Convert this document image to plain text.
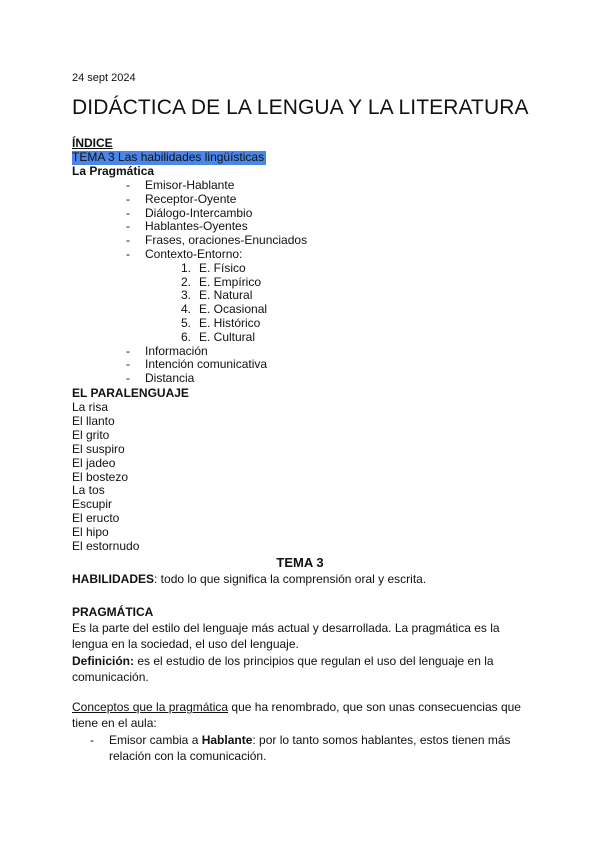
24 sept 2024
DIDÁCTICA DE LA LENGUA Y LA LITERATURA
ÍNDICE
TEMA 3 Las habilidades lingüísticas
La Pragmática
- Emisor-Hablante
- Receptor-Oyente
- Diálogo-Intercambio
- Hablantes-Oyentes
- Frases, oraciones-Enunciados
- Contexto-Entorno:
1. E. Físico
2. E. Empírico
3. E. Natural
4. E. Ocasional
5. E. Histórico
6. E. Cultural
- Información
- Intención comunicativa
- Distancia
EL PARALENGUAJE
La risa
El llanto
El grito
El suspiro
El jadeo
El bostezo
La tos
Escupir
El eructo
El hipo
El estornudo
TEMA 3
HABILIDADES: todo lo que significa la comprensión oral y escrita.
PRAGMÁTICA
Es la parte del estilo del lenguaje más actual y desarrollada. La pragmática es la lengua en la sociedad, el uso del lenguaje.
Definición: es el estudio de los principios que regulan el uso del lenguaje en la comunicación.
Conceptos que la pragmática que ha renombrado, que son unas consecuencias que tiene en el aula:
- Emisor cambia a Hablante: por lo tanto somos hablantes, estos tienen más relación con la comunicación.
